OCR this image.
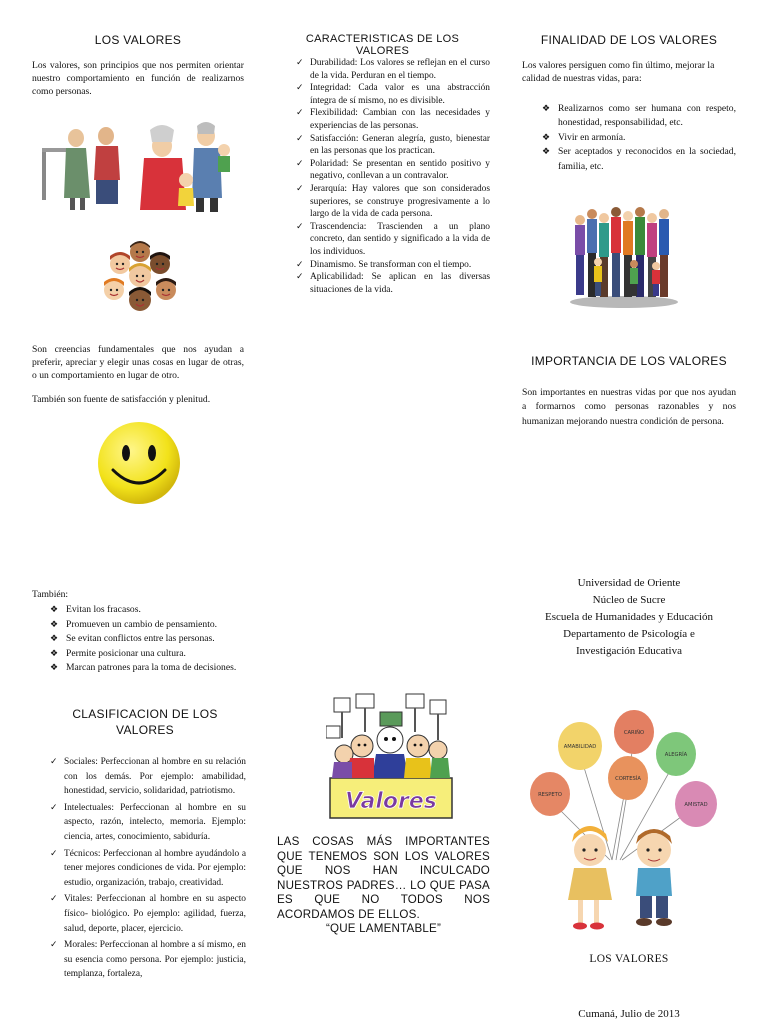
LOS VALORES
Los valores, son principios que nos permiten orientar nuestro comportamiento en función de realizarnos como personas.
Son creencias fundamentales que nos ayudan a preferir, apreciar y elegir unas cosas en lugar de otras, o un comportamiento en lugar de otro.
También son fuente de satisfacción y plenitud.
También:
❖ Evitan los fracasos.
❖ Promueven un cambio de pensamiento.
❖ Se evitan conflictos entre las personas.
❖ Permite posicionar una cultura.
❖ Marcan patrones para la toma de decisiones.
CLASIFICACION DE LOS
VALORES
✓ Sociales: Perfeccionan al hombre en su relación con los demás. Por ejemplo: amabilidad, honestidad, servicio, solidaridad, patriotismo.
✓ Intelectuales: Perfeccionan al hombre en su aspecto, razón, intelecto, memoria. Ejemplo: ciencia, artes, conocimiento, sabiduría.
✓ Técnicos: Perfeccionan al hombre ayudándolo a tener mejores condiciones de vida. Por ejemplo: estudio, organización, trabajo, creatividad.
✓ Vitales: Perfeccionan al hombre en su aspecto físico- biológico. Po ejemplo: agilidad, fuerza, salud, deporte, placer, ejercicio.
✓ Morales: Perfeccionan al hombre a sí mismo, en su esencia como persona. Por ejemplo: justicia, templanza, fortaleza,
CARACTERISTICAS DE LOS VALORES
✓ Durabilidad: Los valores se reflejan en el curso de la vida. Perduran en el tiempo.
✓ Integridad: Cada valor es una abstracción íntegra de sí mismo, no es divisible.
✓ Flexibilidad: Cambian con las necesidades y experiencias de las personas.
✓ Satisfacción: Generan alegría, gusto, bienestar en las personas que los practican.
✓ Polaridad: Se presentan en sentido positivo y negativo, conllevan a un contravalor.
✓ Jerarquía: Hay valores que son considerados superiores, se construye progresivamente a lo largo de la vida de cada persona.
✓ Trascendencia: Trascienden a un plano concreto, dan sentido y significado a la vida de los individuos.
✓ Dinamismo. Se transforman con el tiempo.
✓ Aplicabilidad: Se aplican en las diversas situaciones de la vida.
Valores
LAS COSAS MÁS IMPORTANTES QUE TENEMOS SON LOS VALORES QUE NOS HAN INCULCADO NUESTROS PADRES… LO QUE PASA ES QUE NO TODOS NOS ACORDAMOS DE ELLOS.
“QUE LAMENTABLE”
FINALIDAD DE LOS VALORES
Los valores persiguen como fin último, mejorar la calidad de nuestras vidas, para:
❖ Realizarnos como ser humana con respeto, honestidad, responsabilidad, etc.
❖ Vivir en armonía.
❖ Ser aceptados y reconocidos en la sociedad, familia, etc.
IMPORTANCIA DE LOS VALORES
Son importantes en nuestras vidas por que nos ayudan a formarnos como personas razonables y nos humanizan mejorando nuestra condición de persona.
Universidad de Oriente
Núcleo de Sucre
Escuela de Humanidades y Educación
Departamento de Psicología e
Investigación Educativa
CARIÑO
AMABILIDAD
ALEGRÍA
CORTESÍA
RESPETO
AMISTAD
LOS VALORES
Cumaná, Julio de 2013
